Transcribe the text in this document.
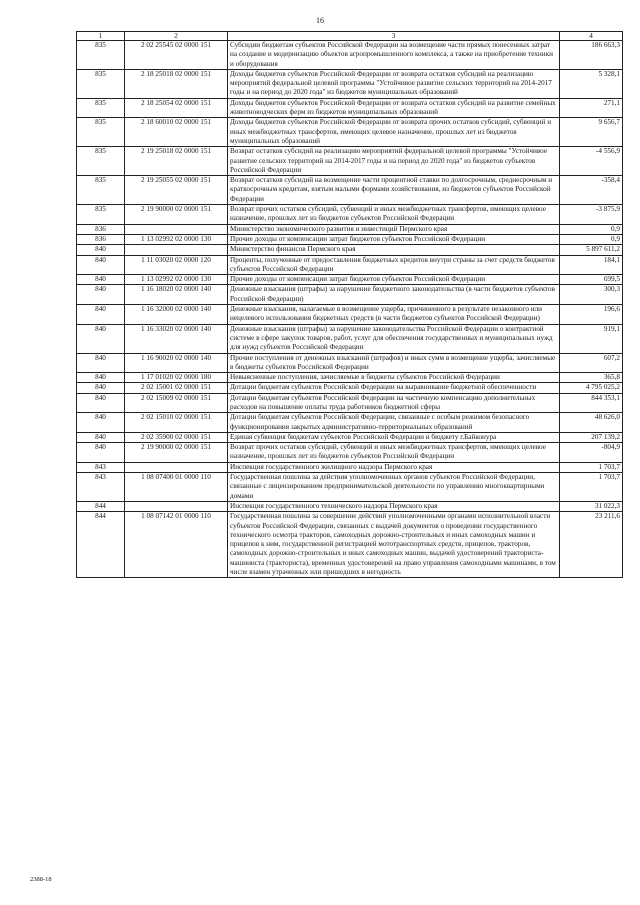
16
1	2	3	4
835	2 02 25545 02 0000 151	Субсидии бюджетам субъектов Российской Федерации на возмещение части прямых понесенных затрат на создание и модернизацию объектов агропромышленного комплекса, а также на приобретение техники и оборудования	186 663,3
835	2 18 25018 02 0000 151	Доходы бюджетов субъектов Российской Федерации от возврата остатков субсидий на реализацию мероприятий федеральной целевой программы "Устойчивое развитие сельских территорий на 2014-2017 годы и на период до 2020 года" из бюджетов муниципальных образований	5 328,1
835	2 18 25054 02 0000 151	Доходы бюджетов субъектов Российской Федерации от возврата остатков субсидий на развитие семейных животноводческих ферм из бюджетов муниципальных образований	271,1
835	2 18 60010 02 0000 151	Доходы бюджетов субъектов Российской Федерации от возврата прочих остатков субсидий, субвенций и иных межбюджетных трансфертов, имеющих целевое назначение, прошлых лет из бюджетов муниципальных образований	9 656,7
835	2 19 25018 02 0000 151	Возврат остатков субсидий на реализацию мероприятий федеральной целевой программы "Устойчивое развитие сельских территорий на 2014-2017 годы и на период до 2020 года" из бюджетов субъектов Российской Федерации	-4 556,9
835	2 19 25055 02 0000 151	Возврат остатков субсидий на возмещение части процентной ставки по долгосрочным, среднесрочным и краткосрочным кредитам, взятым малыми формами хозяйствования, из бюджетов субъектов Российской Федерации	-358,4
835	2 19 90000 02 0000 151	Возврат прочих остатков субсидий, субвенций и иных межбюджетных трансфертов, имеющих целевое назначение, прошлых лет из бюджетов субъектов Российской Федерации	-3 875,9
836		Министерство экономического развития и инвестиций Пермского края	0,9
836	1 13 02992 02 0000 130	Прочие доходы от компенсации затрат бюджетов субъектов Российской Федерации	0,9
840		Министерство финансов Пермского края	5 897 611,2
840	1 11 03020 02 0000 120	Проценты, полученные от предоставления бюджетных кредитов внутри страны за счет средств бюджетов субъектов Российской Федерации	184,1
840	1 13 02992 02 0000 130	Прочие доходы от компенсации затрат бюджетов субъектов Российской Федерации	699,5
840	1 16 18020 02 0000 140	Денежные взыскания (штрафы) за нарушение бюджетного законодательства (в части бюджетов субъектов Российской Федерации)	300,3
840	1 16 32000 02 0000 140	Денежные взыскания, налагаемые в возмещение ущерба, причиненного в результате незаконного или нецелевого использования бюджетных средств (в части бюджетов субъектов Российской Федерации)	196,6
840	1 16 33020 02 0000 140	Денежные взыскания (штрафы) за нарушение законодательства Российской Федерации о контрактной системе в сфере закупок товаров, работ, услуг для обеспечения государственных и муниципальных нужд для нужд субъектов Российской Федерации	919,1
840	1 16 90020 02 0000 140	Прочие поступления от денежных взысканий (штрафов) и иных сумм в возмещение ущерба, зачисляемые в бюджеты субъектов Российской Федерации	607,2
840	1 17 01020 02 0000 180	Невыясненные поступления, зачисляемые в бюджеты субъектов Российской Федерации	365,8
840	2 02 15001 02 0000 151	Дотации бюджетам субъектов Российской Федерации на выравнивание бюджетной обеспеченности	4 795 025,2
840	2 02 15009 02 0000 151	Дотации бюджетам субъектов Российской Федерации на частичную компенсацию дополнительных расходов на повышение оплаты труда работников бюджетной сферы	844 353,1
840	2 02 15010 02 0000 151	Дотации бюджетам субъектов Российской Федерации, связанные с особым режимом безопасного функционирования закрытых административно-территориальных образований	48 626,0
840	2 02 35900 02 0000 151	Единая субвенция бюджетам субъектов Российской Федерации и бюджету г.Байконура	207 139,2
840	2 19 90000 02 0000 151	Возврат прочих остатков субсидий, субвенций и иных межбюджетных трансфертов, имеющих целевое назначение, прошлых лет из бюджетов субъектов Российской Федерации	-804,9
843		Инспекция государственного жилищного надзора Пермского края	1 703,7
843	1 08 07400 01 0000 110	Государственная пошлина за действия уполномоченных органов субъектов Российской Федерации, связанные с лицензированием предпринимательской деятельности по управлению многоквартирными домами	1 703,7
844		Инспекция государственного технического надзора Пермского края	31 022,3
844	1 08 07142 01 0000 110	Государственная пошлина за совершение действий уполномоченными органами исполнительной власти субъектов Российской Федерации, связанных с выдачей документов о проведении государственного технического осмотра тракторов, самоходных дорожно-строительных и иных самоходных машин и прицепов к ним, государственной регистрацией мототранспортных средств, прицепов, тракторов, самоходных дорожно-строительных и иных самоходных машин, выдачей удостоверений тракториста-машиниста (тракториста), временных удостоверений на право управления самоходными машинами, в том числе взамен утраченных или пришедших в негодность	23 211,6
2388-18
